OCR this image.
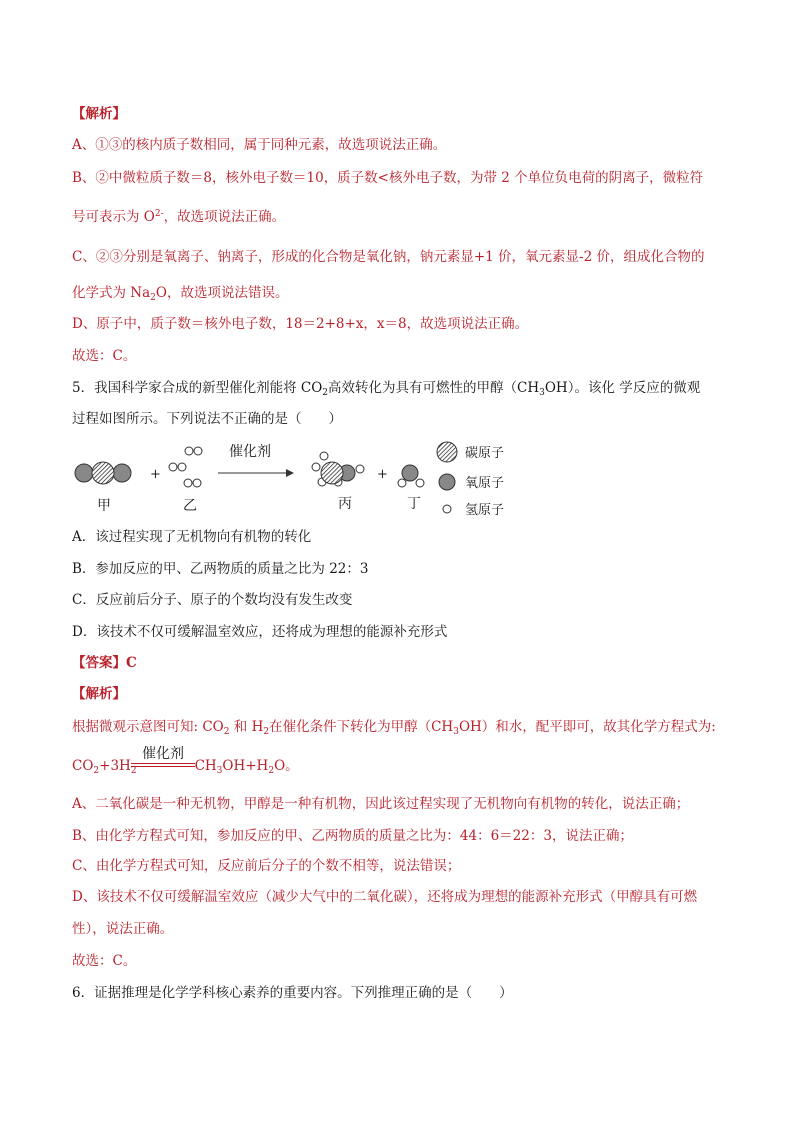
【解析】
A、①③的核内质子数相同，属于同种元素，故选项说法正确。
B、②中微粒质子数＝8，核外电子数＝10，质子数<核外电子数，为带 2 个单位负电荷的阴离子，微粒符
号可表示为 $O^{2-}$，故选项说法正确。
C、②③分别是氧离子、钠离子，形成的化合物是氧化钠，钠元素显+1 价，氧元素显-2 价，组成化合物的
化学式为 $Na_2O$，故选项说法错误。
D、原子中，质子数＝核外电子数，18＝2+8+x，x＝8，故选项说法正确。
故选：C。
5．我国科学家合成的新型催化剂能将 $CO_2$高效转化为具有可燃性的甲醇$(CH_3OH)$。该化 学反应的微观
过程如图所示。下列说法不正确的是（　　）
+
催化剂
+
碳原子
氧原子
氢原子
甲	乙	丙	丁
A．该过程实现了无机物向有机物的转化
B．参加反应的甲、乙两物质的质量之比为 22：3
C．反应前后分子、原子的个数均没有发生改变
D．该技术不仅可缓解温室效应，还将成为理想的能源补充形式
【答案】C
【解析】
根据微观示意图可知: $CO_2$ 和 $H_2$在催化条件下转化为甲醇$(CH_3OH)$和水，配平即可，故其化学方程式为:
催化剂
$CO_2+3H_2$	$CH_3OH+H_2O$。
A、二氧化碳是一种无机物，甲醇是一种有机物，因此该过程实现了无机物向有机物的转化，说法正确；
B、由化学方程式可知，参加反应的甲、乙两物质的质量之比为：44：6＝22：3，说法正确；
C、由化学方程式可知，反应前后分子的个数不相等，说法错误；
D、该技术不仅可缓解温室效应（减少大气中的二氧化碳），还将成为理想的能源补充形式（甲醇具有可燃
性），说法正确。
故选：C。
6．证据推理是化学学科核心素养的重要内容。下列推理正确的是（　　）
